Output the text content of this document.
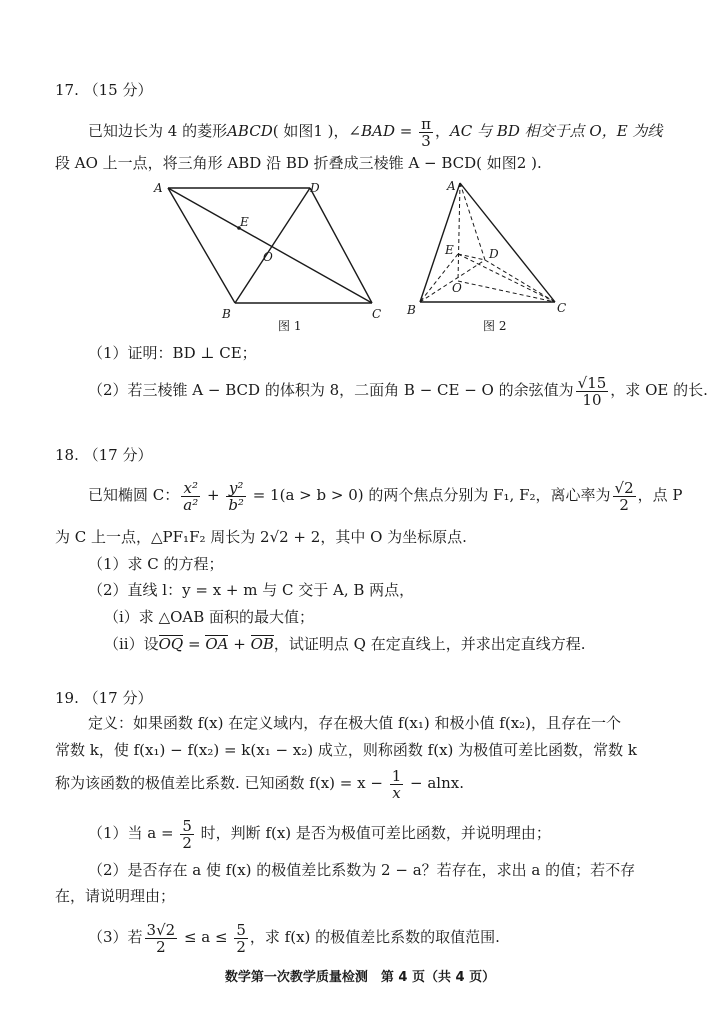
17. （15 分）
已知边长为 4 的菱形ABCD( 如图1 )，∠BAD = $\frac{\pi}{3}$ ，AC 与 BD 相交于点 O，E 为线
段 AO 上一点，将三角形 ABD 沿 BD 折叠成三棱锥 A − BCD( 如图2 ).
A	D
E
O
B	C
图 1
A
E	D
O
B	C
图 2
（1）证明：BD ⊥ CE；
（2）若三棱锥 A − BCD 的体积为 8，二面角 B − CE − O 的余弦值为 $\frac{√15}{10}$ ，求 OE 的长.
18. （17 分）
已知椭圆 C： $\frac{\text{x²}}{\text{a²}} + \frac{\text{y²}}{\text{b²}} = 1(a > b > 0)$ 的两个焦点分别为 F₁, F₂，离心率为 $\frac{√2}{2}$ ，点 P
为 C 上一点，△PF₁F₂ 周长为 2√2 + 2，其中 O 为坐标原点.
（1）求 C 的方程；
（2）直线 l：y = x + m 与 C 交于 A, B 两点，
（i）求 △OAB 面积的最大值；
（ii）设OQ = OA + OB，试证明点 Q 在定直线上，并求出定直线方程.
19. （17 分）
定义：如果函数 f(x) 在定义域内，存在极大值 f(x₁) 和极小值 f(x₂)，且存在一个
常数 k，使 f(x₁) − f(x₂) = k(x₁ − x₂) 成立，则称函数 f(x) 为极值可差比函数，常数 k
称为该函数的极值差比系数. 已知函数 $f(x) = x - \frac{1}{x} - alnx$.
（1）当 $a = \frac{5}{2}$ 时，判断 f(x) 是否为极值可差比函数，并说明理由；
（2）是否存在 a 使 f(x) 的极值差比系数为 2 − a？若存在，求出 a 的值；若不存
在，请说明理由；
（3）若 $\frac{3√2}{2} \le a \le \frac{5}{2}$ ，求 f(x) 的极值差比系数的取值范围.
数学第一次教学质量检测　第 4 页（共 4 页）
